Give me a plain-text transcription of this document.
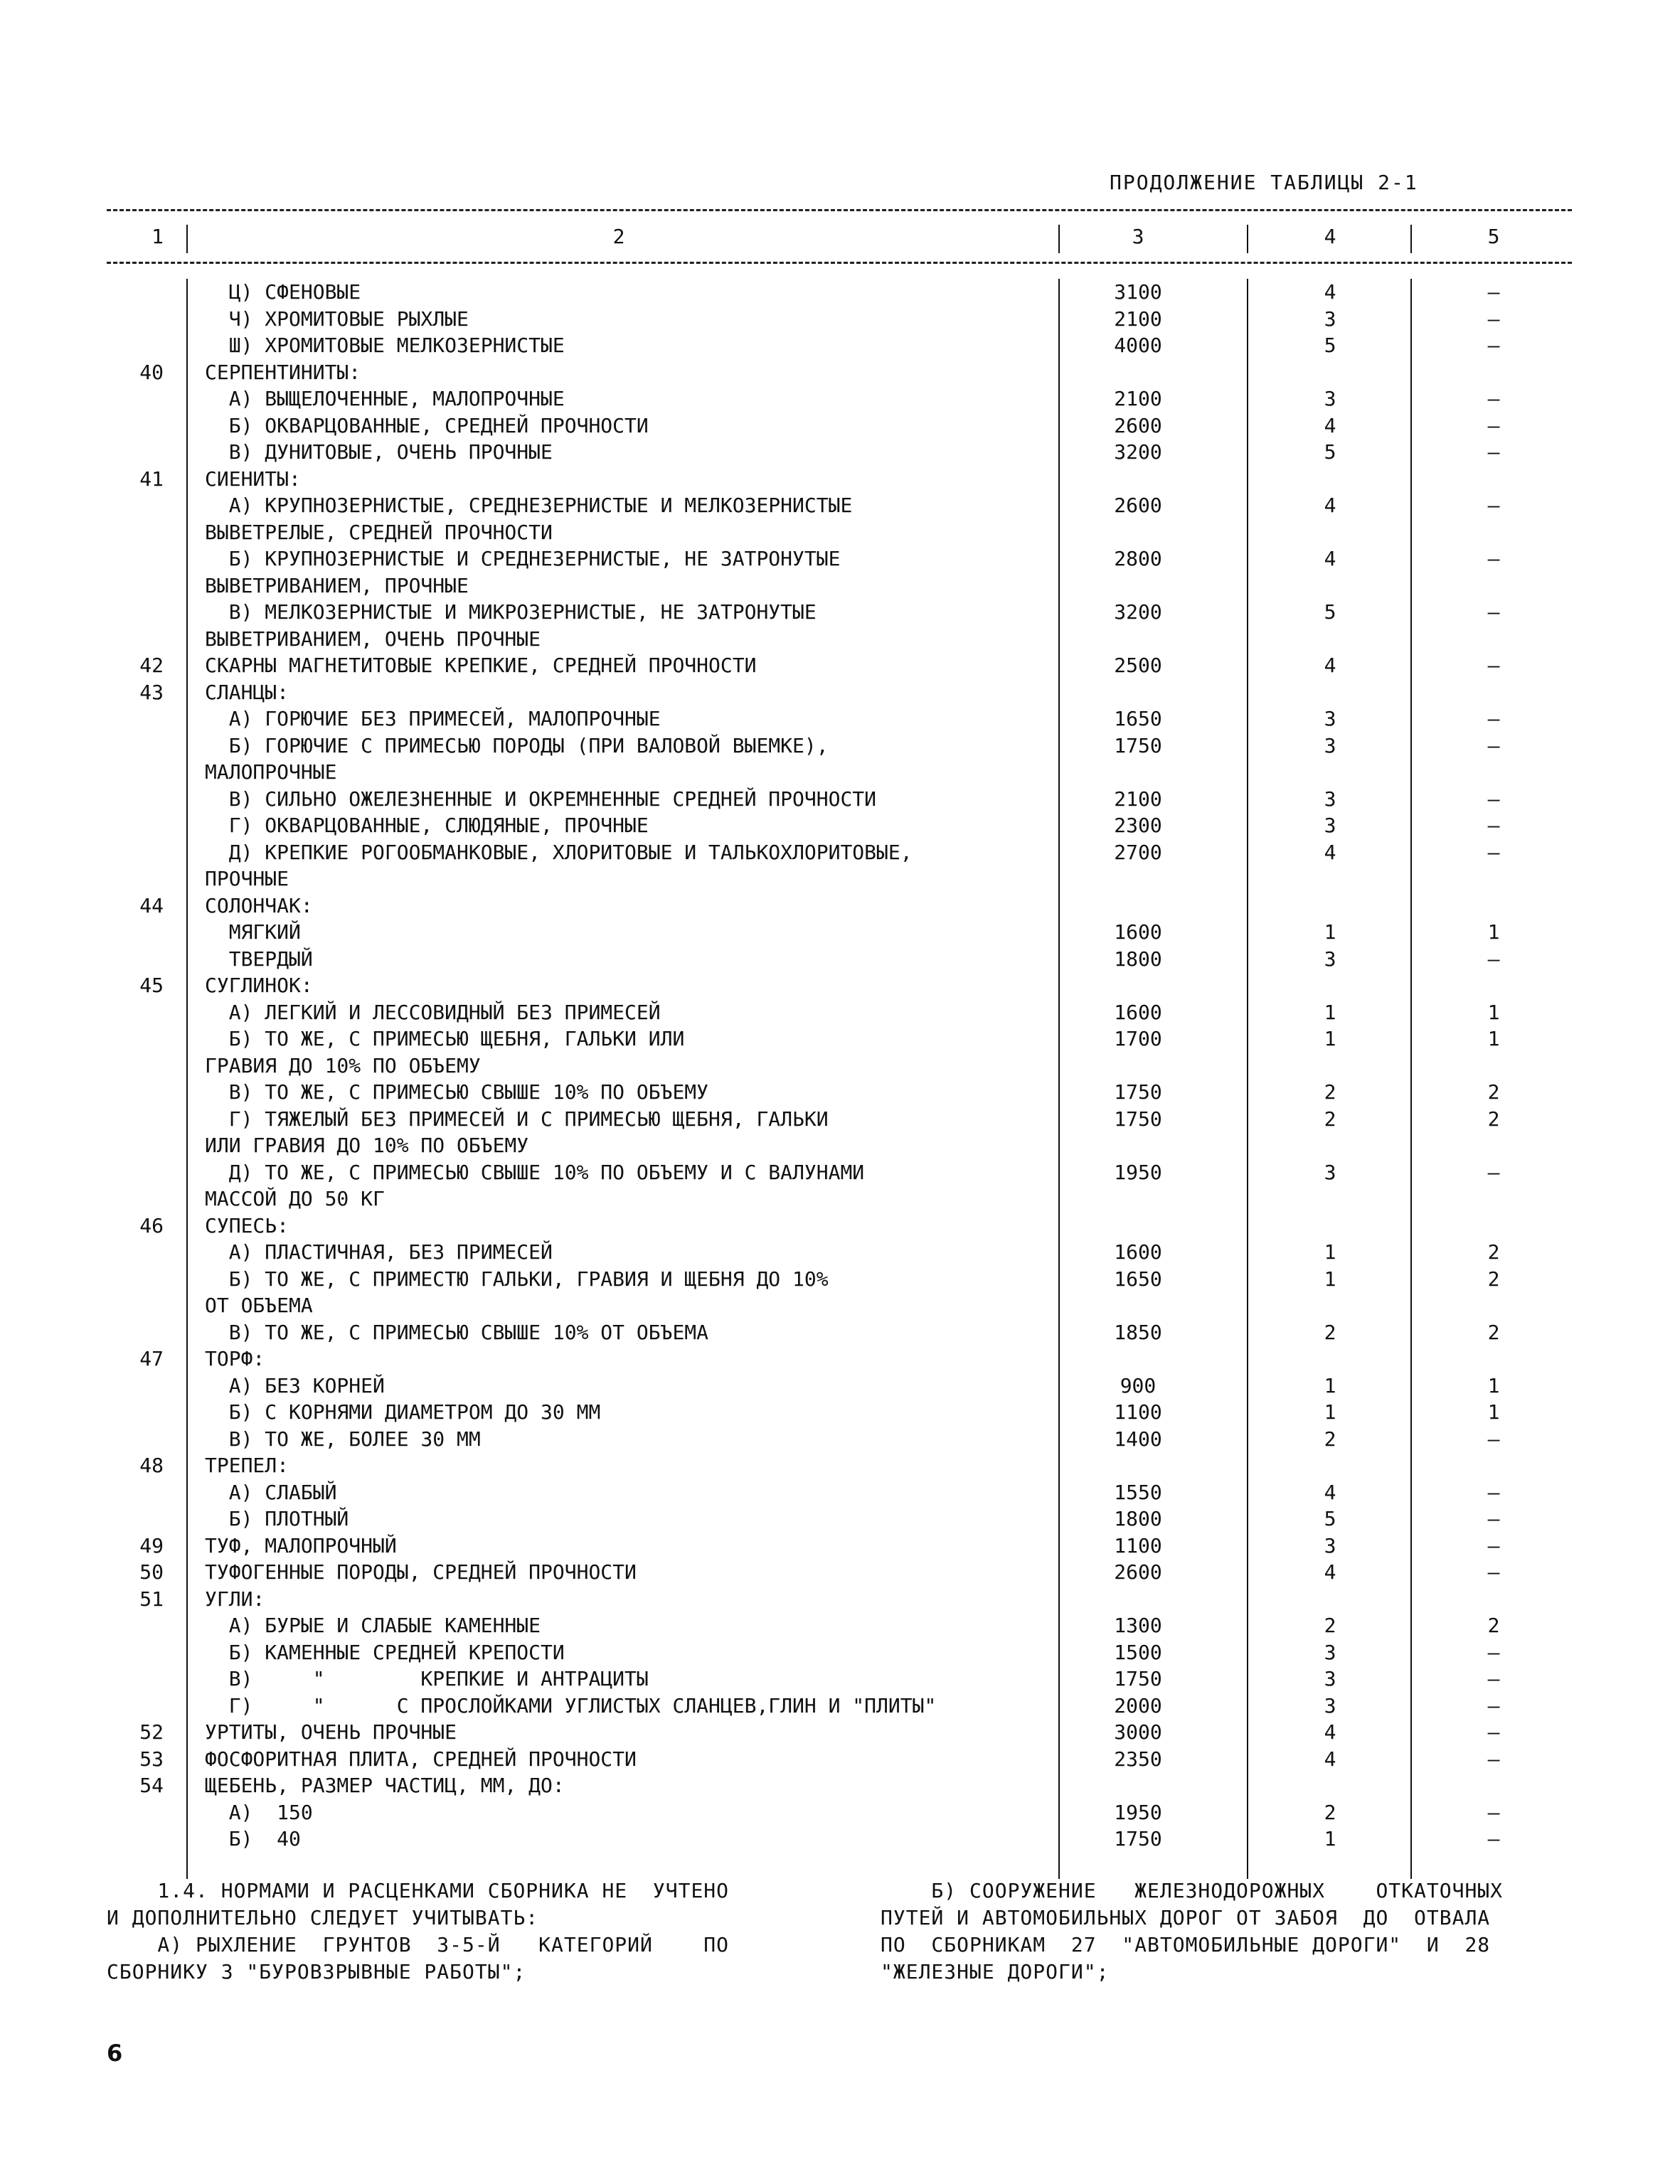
ПРОДОЛЖЕНИЕ ТАБЛИЦЫ 2-1
1	2	3	4	5
Ц) СФЕНОВЫЕ	3100	4	–
Ч) ХРОМИТОВЫЕ РЫХЛЫЕ	2100	3	–
Ш) ХРОМИТОВЫЕ МЕЛКОЗЕРНИСТЫЕ	4000	5	–
40 СЕРПЕНТИНИТЫ:
А) ВЫЩЕЛОЧЕННЫЕ, МАЛОПРОЧНЫЕ	2100	3	–
Б) ОКВАРЦОВАННЫЕ, СРЕДНЕЙ ПРОЧНОСТИ	2600	4	–
В) ДУНИТОВЫЕ, ОЧЕНЬ ПРОЧНЫЕ	3200	5	–
41 СИЕНИТЫ:
А) КРУПНОЗЕРНИСТЫЕ, СРЕДНЕЗЕРНИСТЫЕ И МЕЛКОЗЕРНИСТЫЕ	2600	4	–
ВЫВЕТРЕЛЫЕ, СРЕДНЕЙ ПРОЧНОСТИ
Б) КРУПНОЗЕРНИСТЫЕ И СРЕДНЕЗЕРНИСТЫЕ, НЕ ЗАТРОНУТЫЕ	2800	4	–
ВЫВЕТРИВАНИЕМ, ПРОЧНЫЕ
В) МЕЛКОЗЕРНИСТЫЕ И МИКРОЗЕРНИСТЫЕ, НЕ ЗАТРОНУТЫЕ	3200	5	–
ВЫВЕТРИВАНИЕМ, ОЧЕНЬ ПРОЧНЫЕ
42 СКАРНЫ МАГНЕТИТОВЫЕ КРЕПКИЕ, СРЕДНЕЙ ПРОЧНОСТИ	2500	4	–
43 СЛАНЦЫ:
А) ГОРЮЧИЕ БЕЗ ПРИМЕСЕЙ, МАЛОПРОЧНЫЕ	1650	3	–
Б) ГОРЮЧИЕ С ПРИМЕСЬЮ ПОРОДЫ (ПРИ ВАЛОВОЙ ВЫЕМКЕ),	1750	3	–
МАЛОПРОЧНЫЕ
В) СИЛЬНО ОЖЕЛЕЗНЕННЫЕ И ОКРЕМНЕННЫЕ СРЕДНЕЙ ПРОЧНОСТИ	2100	3	–
Г) ОКВАРЦОВАННЫЕ, СЛЮДЯНЫЕ, ПРОЧНЫЕ	2300	3	–
Д) КРЕПКИЕ РОГООБМАНКОВЫЕ, ХЛОРИТОВЫЕ И ТАЛЬКОХЛОРИТОВЫЕ,	2700	4	–
ПРОЧНЫЕ
44 СОЛОНЧАК:
МЯГКИЙ	1600	1	1
ТВЕРДЫЙ	1800	3	–
45 СУГЛИНОК:
А) ЛЕГКИЙ И ЛЕССОВИДНЫЙ БЕЗ ПРИМЕСЕЙ	1600	1	1
Б) ТО ЖЕ, С ПРИМЕСЬЮ ЩЕБНЯ, ГАЛЬКИ ИЛИ	1700	1	1
ГРАВИЯ ДО 10% ПО ОБЪЕМУ
В) ТО ЖЕ, С ПРИМЕСЬЮ СВЫШЕ 10% ПО ОБЪЕМУ	1750	2	2
Г) ТЯЖЕЛЫЙ БЕЗ ПРИМЕСЕЙ И С ПРИМЕСЬЮ ЩЕБНЯ, ГАЛЬКИ	1750	2	2
ИЛИ ГРАВИЯ ДО 10% ПО ОБЪЕМУ
Д) ТО ЖЕ, С ПРИМЕСЬЮ СВЫШЕ 10% ПО ОБЪЕМУ И С ВАЛУНАМИ	1950	3	–
МАССОЙ ДО 50 КГ
46 СУПЕСЬ:
А) ПЛАСТИЧНАЯ, БЕЗ ПРИМЕСЕЙ	1600	1	2
Б) ТО ЖЕ, С ПРИМЕСТЮ ГАЛЬКИ, ГРАВИЯ И ЩЕБНЯ ДО 10%	1650	1	2
ОТ ОБЪЕМА
В) ТО ЖЕ, С ПРИМЕСЬЮ СВЫШЕ 10% ОТ ОБЪЕМА	1850	2	2
47 ТОРФ:
А) БЕЗ КОРНЕЙ	900	1	1
Б) С КОРНЯМИ ДИАМЕТРОМ ДО 30 ММ	1100	1	1
В) ТО ЖЕ, БОЛЕЕ 30 ММ	1400	2	–
48 ТРЕПЕЛ:
А) СЛАБЫЙ	1550	4	–
Б) ПЛОТНЫЙ	1800	5	–
49 ТУФ, МАЛОПРОЧНЫЙ	1100	3	–
50 ТУФОГЕННЫЕ ПОРОДЫ, СРЕДНЕЙ ПРОЧНОСТИ	2600	4	–
51 УГЛИ:
А) БУРЫЕ И СЛАБЫЕ КАМЕННЫЕ	1300	2	2
Б) КАМЕННЫЕ СРЕДНЕЙ КРЕПОСТИ	1500	3	–
В)     "        КРЕПКИЕ И АНТРАЦИТЫ	1750	3	–
Г)     "      С ПРОСЛОЙКАМИ УГЛИСТЫХ СЛАНЦЕВ,ГЛИН И "ПЛИТЫ"	2000	3	–
52 УРТИТЫ, ОЧЕНЬ ПРОЧНЫЕ	3000	4	–
53 ФОСФОРИТНАЯ ПЛИТА, СРЕДНЕЙ ПРОЧНОСТИ	2350	4	–
54 ЩЕБЕНЬ, РАЗМЕР ЧАСТИЦ, ММ, ДО:
А)  150	1950	2	–
Б)  40	1750	1	–
1.4. НОРМАМИ И РАСЦЕНКАМИ СБОРНИКА НЕ  УЧТЕНО
И ДОПОЛНИТЕЛЬНО СЛЕДУЕТ УЧИТЫВАТЬ:
А) РЫХЛЕНИЕ  ГРУНТОВ  3-5-Й   КАТЕГОРИЙ    ПО
СБОРНИКУ 3 "БУРОВЗРЫВНЫЕ РАБОТЫ";
Б) СООРУЖЕНИЕ   ЖЕЛЕЗНОДОРОЖНЫХ    ОТКАТОЧНЫХ
ПУТЕЙ И АВТОМОБИЛЬНЫХ ДОРОГ ОТ ЗАБОЯ  ДО  ОТВАЛА
ПО  СБОРНИКАМ  27  "АВТОМОБИЛЬНЫЕ ДОРОГИ"  И  28
"ЖЕЛЕЗНЫЕ ДОРОГИ";
6
